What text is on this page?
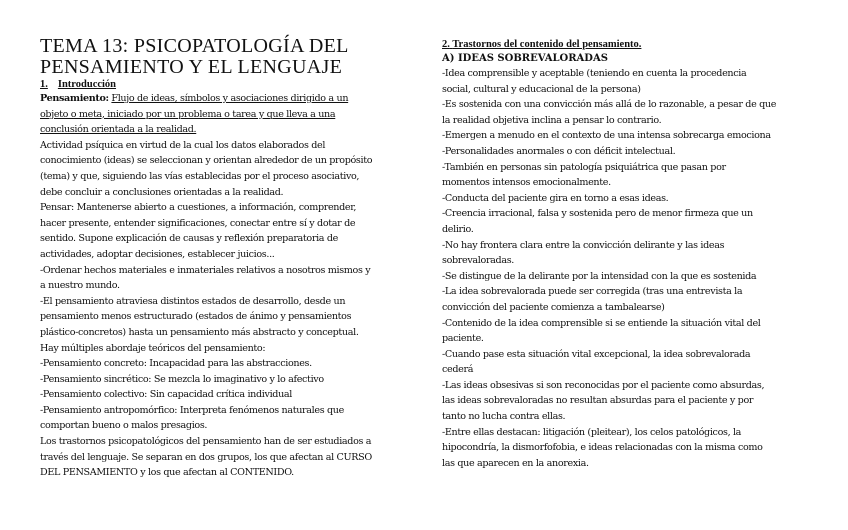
TEMA 13: PSICOPATOLOGÍA DEL
PENSAMIENTO Y EL LENGUAJE
1. Introducción
Pensamiento: Flujo de ideas, símbolos y asociaciones dirigido a un
objeto o meta, iniciado por un problema o tarea y que lleva a una
conclusión orientada a la realidad.
Actividad psíquica en virtud de la cual los datos elaborados del
conocimiento (ideas) se seleccionan y orientan alrededor de un propósito
(tema) y que, siguiendo las vías establecidas por el proceso asociativo,
debe concluir a conclusiones orientadas a la realidad.
Pensar: Mantenerse abierto a cuestiones, a información, comprender,
hacer presente, entender significaciones, conectar entre sí y dotar de
sentido. Supone explicación de causas y reflexión preparatoria de
actividades, adoptar decisiones, establecer juicios...
-Ordenar hechos materiales e inmateriales relativos a nosotros mismos y
a nuestro mundo.
-El pensamiento atraviesa distintos estados de desarrollo, desde un
pensamiento menos estructurado (estados de ánimo y pensamientos
plástico-concretos) hasta un pensamiento más abstracto y conceptual.
Hay múltiples abordaje teóricos del pensamiento:
-Pensamiento concreto: Incapacidad para las abstracciones.
-Pensamiento sincrético: Se mezcla lo imaginativo y lo afectivo
-Pensamiento colectivo: Sin capacidad crítica individual
-Pensamiento antropomórfico: Interpreta fenómenos naturales que
comportan bueno o malos presagios.
Los trastornos psicopatológicos del pensamiento han de ser estudiados a
través del lenguaje. Se separan en dos grupos, los que afectan al CURSO
DEL PENSAMIENTO y los que afectan al CONTENIDO.
2. Trastornos del contenido del pensamiento.
A) IDEAS SOBREVALORADAS
-Idea comprensible y aceptable (teniendo en cuenta la procedencia
social, cultural y educacional de la persona)
-Es sostenida con una convicción más allá de lo razonable, a pesar de que
la realidad objetiva inclina a pensar lo contrario.
-Emergen a menudo en el contexto de una intensa sobrecarga emociona
-Personalidades anormales o con déficit intelectual.
-También en personas sin patología psiquiátrica que pasan por
momentos intensos emocionalmente.
-Conducta del paciente gira en torno a esas ideas.
-Creencia irracional, falsa y sostenida pero de menor firmeza que un
delirio.
-No hay frontera clara entre la convicción delirante y las ideas
sobrevaloradas.
-Se distingue de la delirante por la intensidad con la que es sostenida
-La idea sobrevalorada puede ser corregida (tras una entrevista la
convicción del paciente comienza a tambalearse)
-Contenido de la idea comprensible si se entiende la situación vital del
paciente.
-Cuando pase esta situación vital excepcional, la idea sobrevalorada
cederá
-Las ideas obsesivas si son reconocidas por el paciente como absurdas,
las ideas sobrevaloradas no resultan absurdas para el paciente y por
tanto no lucha contra ellas.
-Entre ellas destacan: litigación (pleitear), los celos patológicos, la
hipocondría, la dismorfofobia, e ideas relacionadas con la misma como
las que aparecen en la anorexia.
